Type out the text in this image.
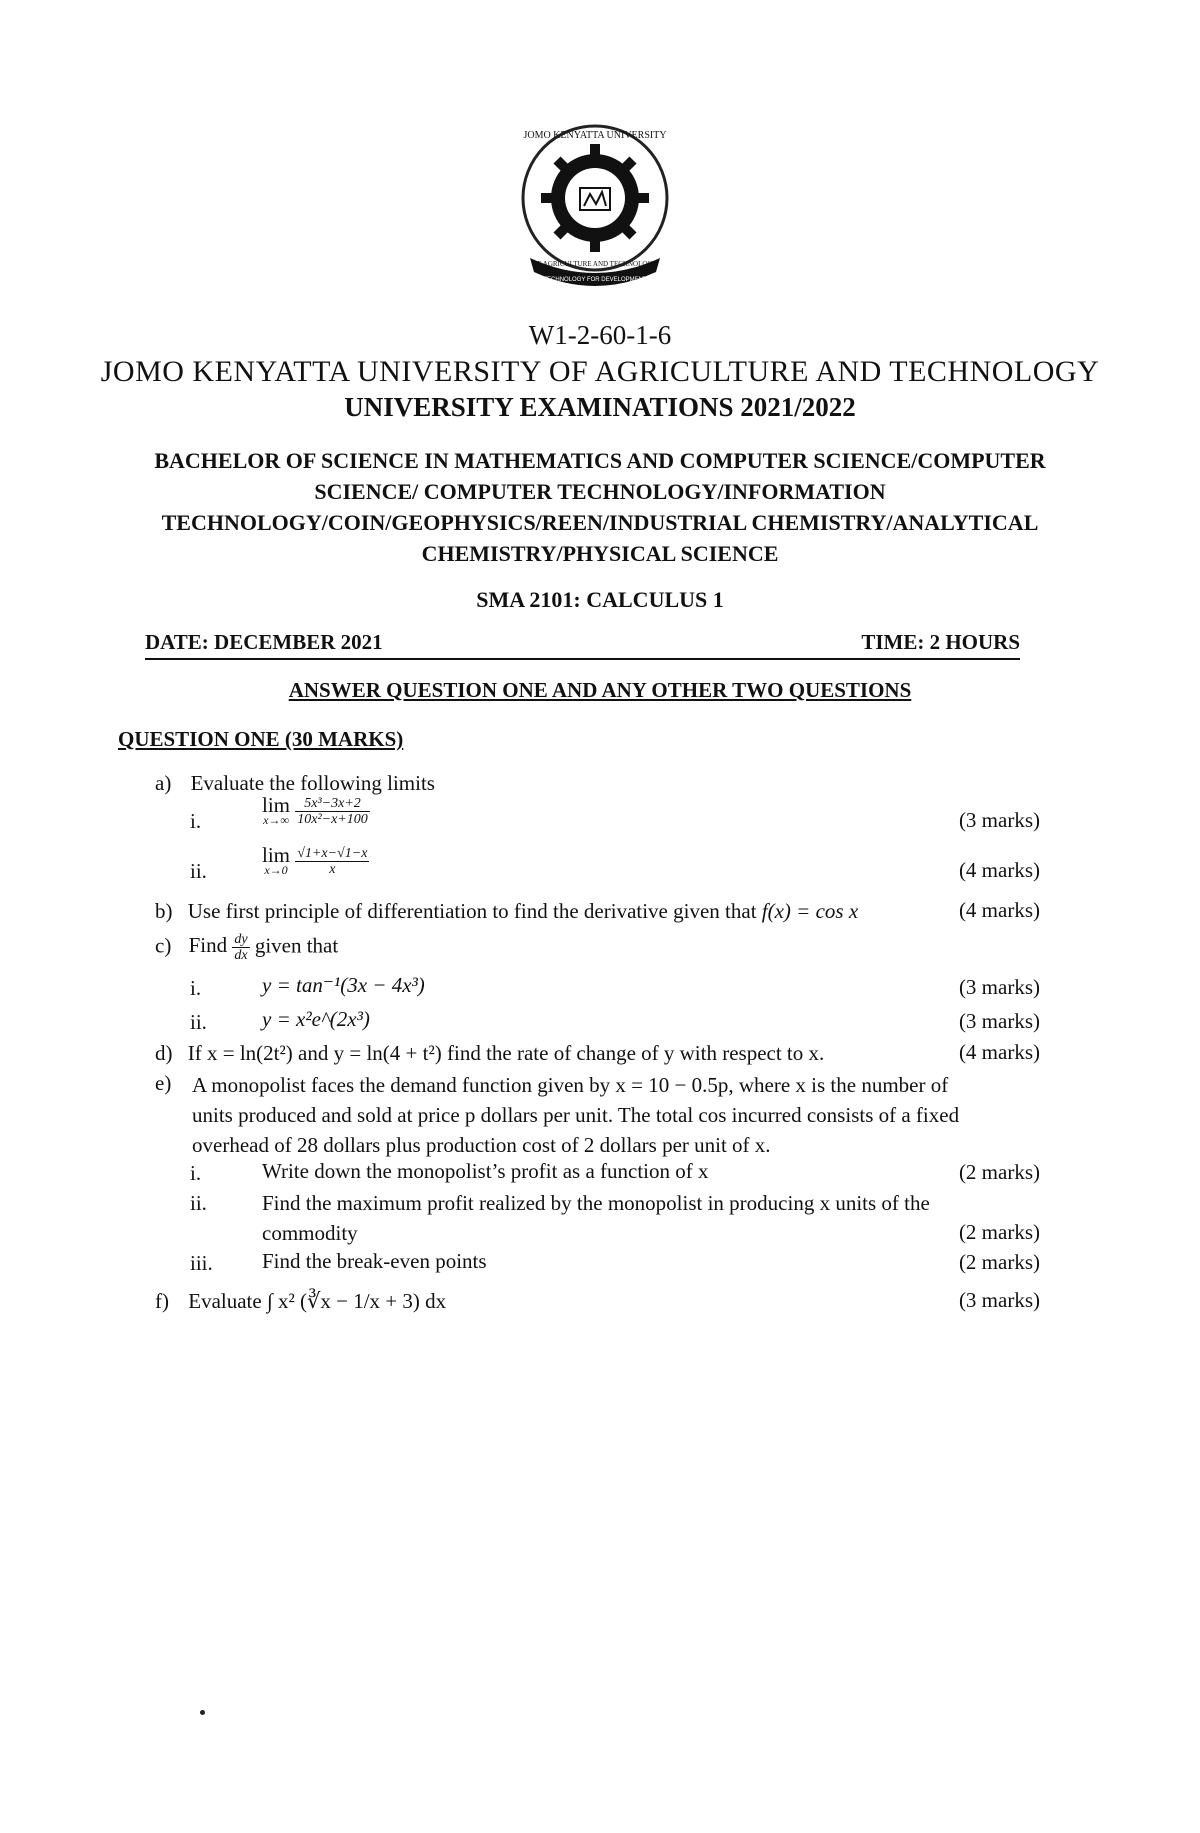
JOMO KENYATTA UNIVERSITY
OF AGRICULTURE AND TECHNOLOGY
TECHNOLOGY FOR DEVELOPMENT
W1-2-60-1-6
JOMO KENYATTA UNIVERSITY OF AGRICULTURE AND TECHNOLOGY
UNIVERSITY EXAMINATIONS 2021/2022
BACHELOR OF SCIENCE IN MATHEMATICS AND COMPUTER SCIENCE/COMPUTER
SCIENCE/ COMPUTER TECHNOLOGY/INFORMATION
TECHNOLOGY/COIN/GEOPHYSICS/REEN/INDUSTRIAL CHEMISTRY/ANALYTICAL
CHEMISTRY/PHYSICAL SCIENCE
SMA 2101: CALCULUS 1
DATE: DECEMBER 2021	TIME: 2 HOURS
ANSWER QUESTION ONE AND ANY OTHER TWO QUESTIONS
QUESTION ONE (30 MARKS)
a) Evaluate the following limits
i.
lim
x→∞
$\frac{\text{5x³−3x+2}}{\text{10x²−x+100}}$	(3 marks)
ii.
lim
x→0
$\frac{√1+x-√1-x}{x}$	(4 marks)
b) Use first principle of differentiation to find the derivative given that f(x) = cos x	(4 marks)
c) Find $\frac{dy}{dx}$ given that
i.	y = tan⁻¹(3x − 4x³)	(3 marks)
ii.	y = x²e^(2x³)	(3 marks)
d) If x = ln(2t²) and y = ln(4 + t²) find the rate of change of y with respect to x.	(4 marks)
e) A monopolist faces the demand function given by x = 10 − 0.5p, where x is the number of
units produced and sold at price p dollars per unit. The total cos incurred consists of a fixed
overhead of 28 dollars plus production cost of 2 dollars per unit of x.
i.	Write down the monopolist’s profit as a function of x	(2 marks)
ii.	Find the maximum profit realized by the monopolist in producing x units of the
commodity	(2 marks)
iii. Find the break-even points	(2 marks)
f) Evaluate ∫ x² (∛x − 1/x + 3) dx	(3 marks)
